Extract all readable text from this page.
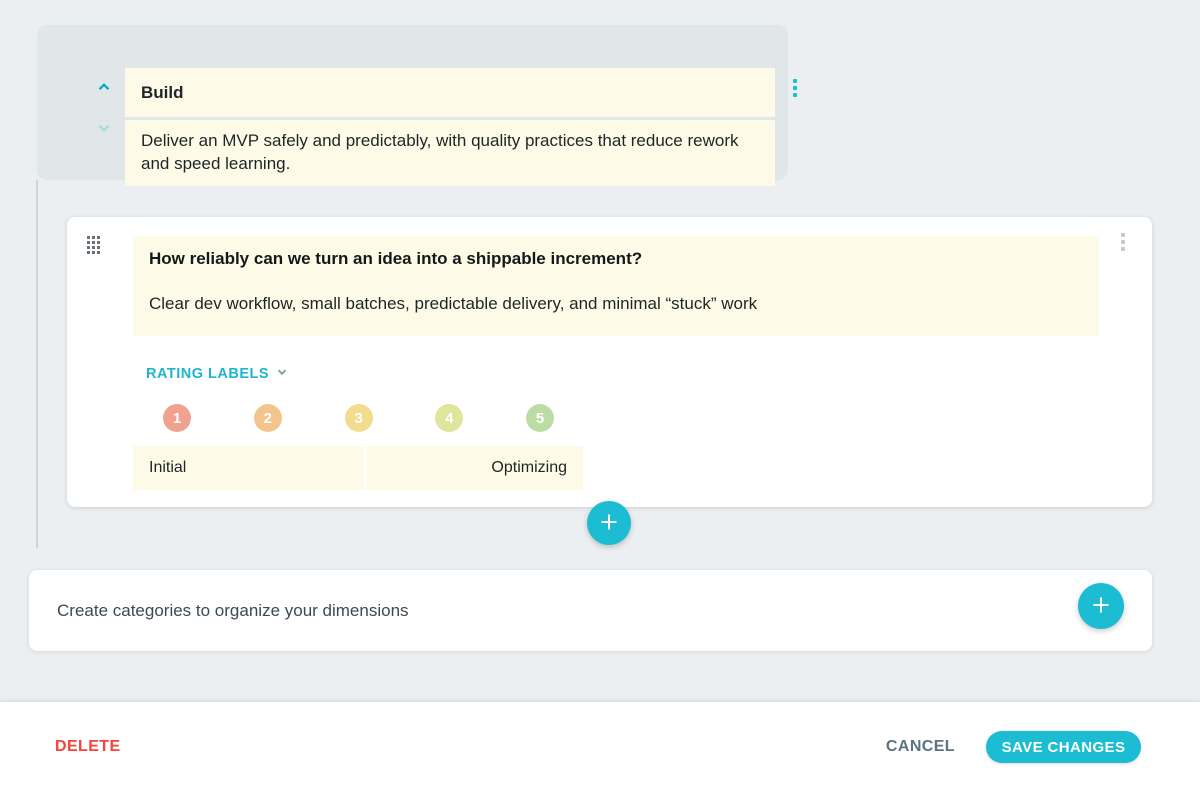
Build
Deliver an MVP safely and predictably, with quality practices that reduce rework and speed learning.
How reliably can we turn an idea into a shippable increment?
Clear dev workflow, small batches, predictable delivery, and minimal “stuck” work
RATING LABELS
1	2	3	4	5
Initial	Optimizing
Create categories to organize your dimensions
DELETE	CANCEL	SAVE CHANGES
